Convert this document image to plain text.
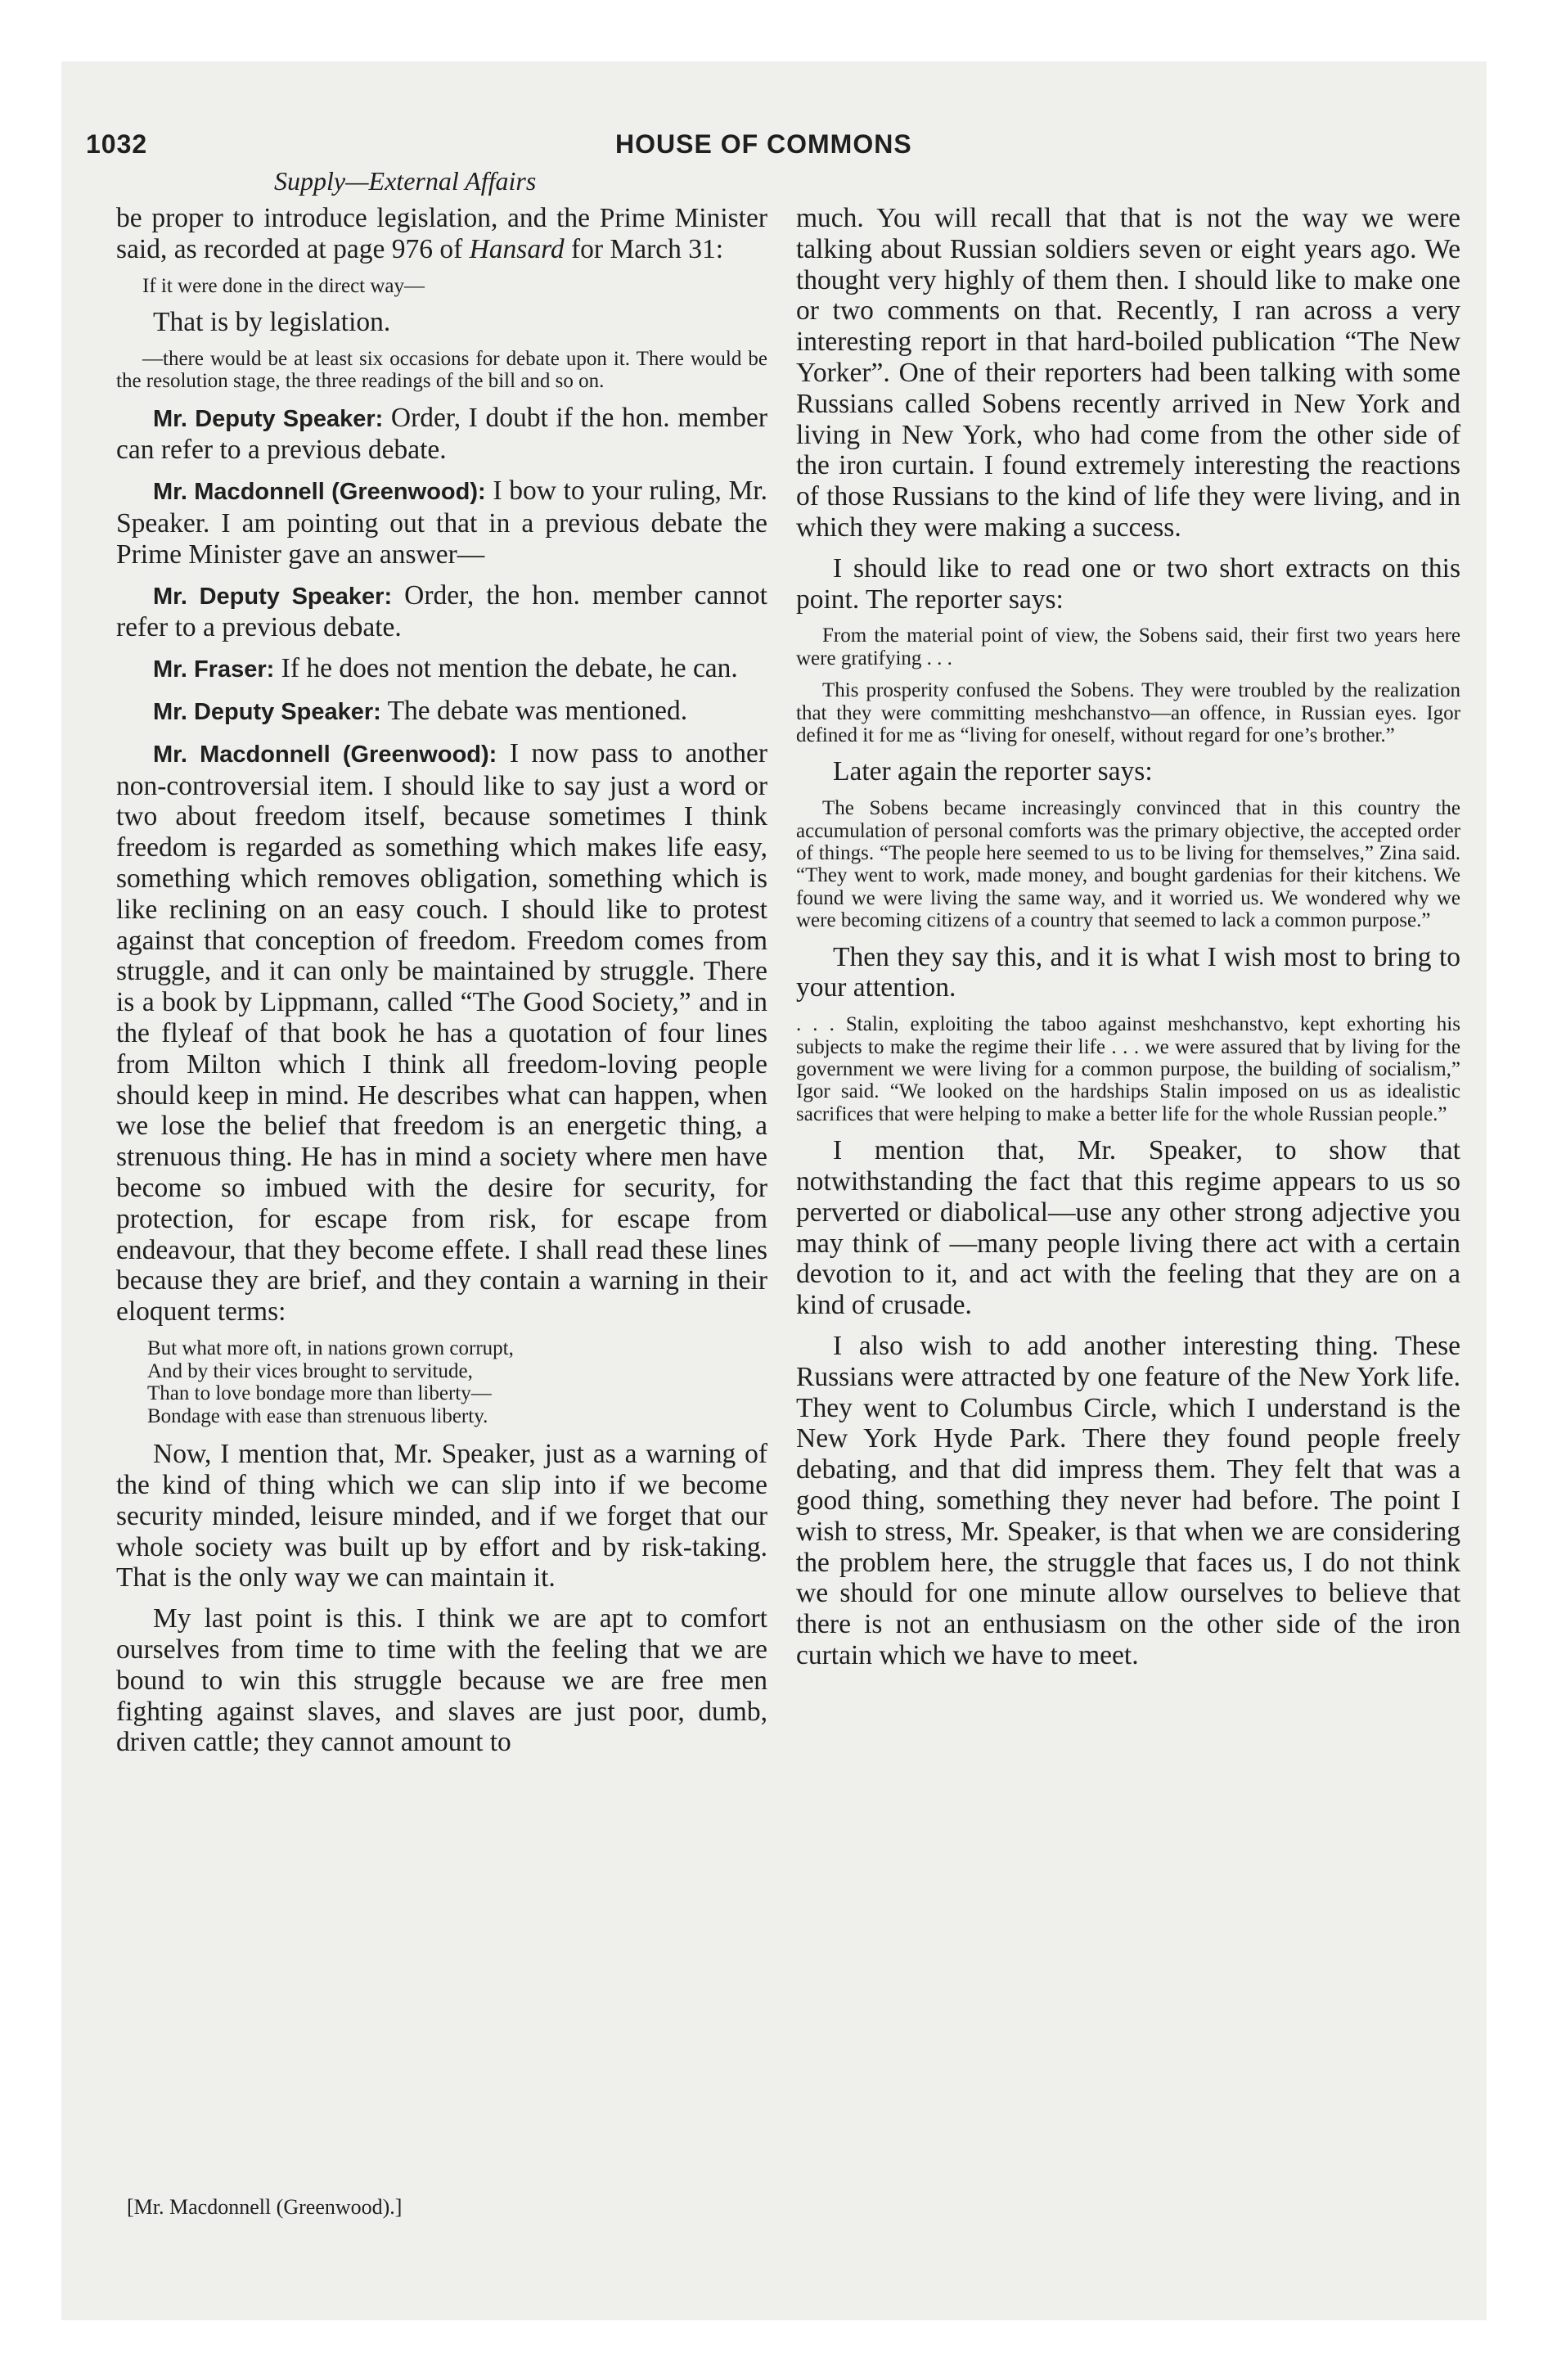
1032	HOUSE OF COMMONS
Supply—External Affairs

be proper to introduce legislation, and the Prime Minister said, as recorded at page 976 of Hansard for March 31:

If it were done in the direct way—

That is by legislation.

—there would be at least six occasions for debate upon it. There would be the resolution stage, the three readings of the bill and so on.

Mr. Deputy Speaker: Order, I doubt if the hon. member can refer to a previous debate.

Mr. Macdonnell (Greenwood): I bow to your ruling, Mr. Speaker. I am pointing out that in a previous debate the Prime Minister gave an answer—

Mr. Deputy Speaker: Order, the hon. member cannot refer to a previous debate.

Mr. Fraser: If he does not mention the debate, he can.

Mr. Deputy Speaker: The debate was mentioned.

Mr. Macdonnell (Greenwood): I now pass to another non-controversial item. I should like to say just a word or two about freedom itself, because sometimes I think freedom is regarded as something which makes life easy, something which removes obligation, something which is like reclining on an easy couch. I should like to protest against that conception of freedom. Freedom comes from struggle, and it can only be maintained by struggle. There is a book by Lippmann, called “The Good Society,” and in the flyleaf of that book he has a quotation of four lines from Milton which I think all freedom-loving people should keep in mind. He describes what can happen, when we lose the belief that freedom is an energetic thing, a strenuous thing. He has in mind a society where men have become so imbued with the desire for security, for protection, for escape from risk, for escape from endeavour, that they become effete. I shall read these lines because they are brief, and they contain a warning in their eloquent terms:

But what more oft, in nations grown corrupt,
And by their vices brought to servitude,
Than to love bondage more than liberty—
Bondage with ease than strenuous liberty.

Now, I mention that, Mr. Speaker, just as a warning of the kind of thing which we can slip into if we become security minded, leisure minded, and if we forget that our whole society was built up by effort and by risk-taking. That is the only way we can maintain it.

My last point is this. I think we are apt to comfort ourselves from time to time with the feeling that we are bound to win this struggle because we are free men fighting against slaves, and slaves are just poor, dumb, driven cattle; they cannot amount to

[Mr. Macdonnell (Greenwood).]

much. You will recall that that is not the way we were talking about Russian soldiers seven or eight years ago. We thought very highly of them then. I should like to make one or two comments on that. Recently, I ran across a very interesting report in that hard-boiled publication “The New Yorker”. One of their reporters had been talking with some Russians called Sobens recently arrived in New York and living in New York, who had come from the other side of the iron curtain. I found extremely interesting the reactions of those Russians to the kind of life they were living, and in which they were making a success.

I should like to read one or two short extracts on this point. The reporter says:

From the material point of view, the Sobens said, their first two years here were gratifying . . .
This prosperity confused the Sobens. They were troubled by the realization that they were committing meshchanstvo—an offence, in Russian eyes. Igor defined it for me as “living for oneself, without regard for one’s brother.”

Later again the reporter says:

The Sobens became increasingly convinced that in this country the accumulation of personal comforts was the primary objective, the accepted order of things. “The people here seemed to us to be living for themselves,” Zina said. “They went to work, made money, and bought gardenias for their kitchens. We found we were living the same way, and it worried us. We wondered why we were becoming citizens of a country that seemed to lack a common purpose.”

Then they say this, and it is what I wish most to bring to your attention.

. . . Stalin, exploiting the taboo against meshchanstvo, kept exhorting his subjects to make the regime their life . . . we were assured that by living for the government we were living for a common purpose, the building of socialism,” Igor said. “We looked on the hardships Stalin imposed on us as idealistic sacrifices that were helping to make a better life for the whole Russian people.”

I mention that, Mr. Speaker, to show that notwithstanding the fact that this regime appears to us so perverted or diabolical—use any other strong adjective you may think of —many people living there act with a certain devotion to it, and act with the feeling that they are on a kind of crusade.

I also wish to add another interesting thing. These Russians were attracted by one feature of the New York life. They went to Columbus Circle, which I understand is the New York Hyde Park. There they found people freely debating, and that did impress them. They felt that was a good thing, something they never had before. The point I wish to stress, Mr. Speaker, is that when we are considering the problem here, the struggle that faces us, I do not think we should for one minute allow ourselves to believe that there is not an enthusiasm on the other side of the iron curtain which we have to meet.
